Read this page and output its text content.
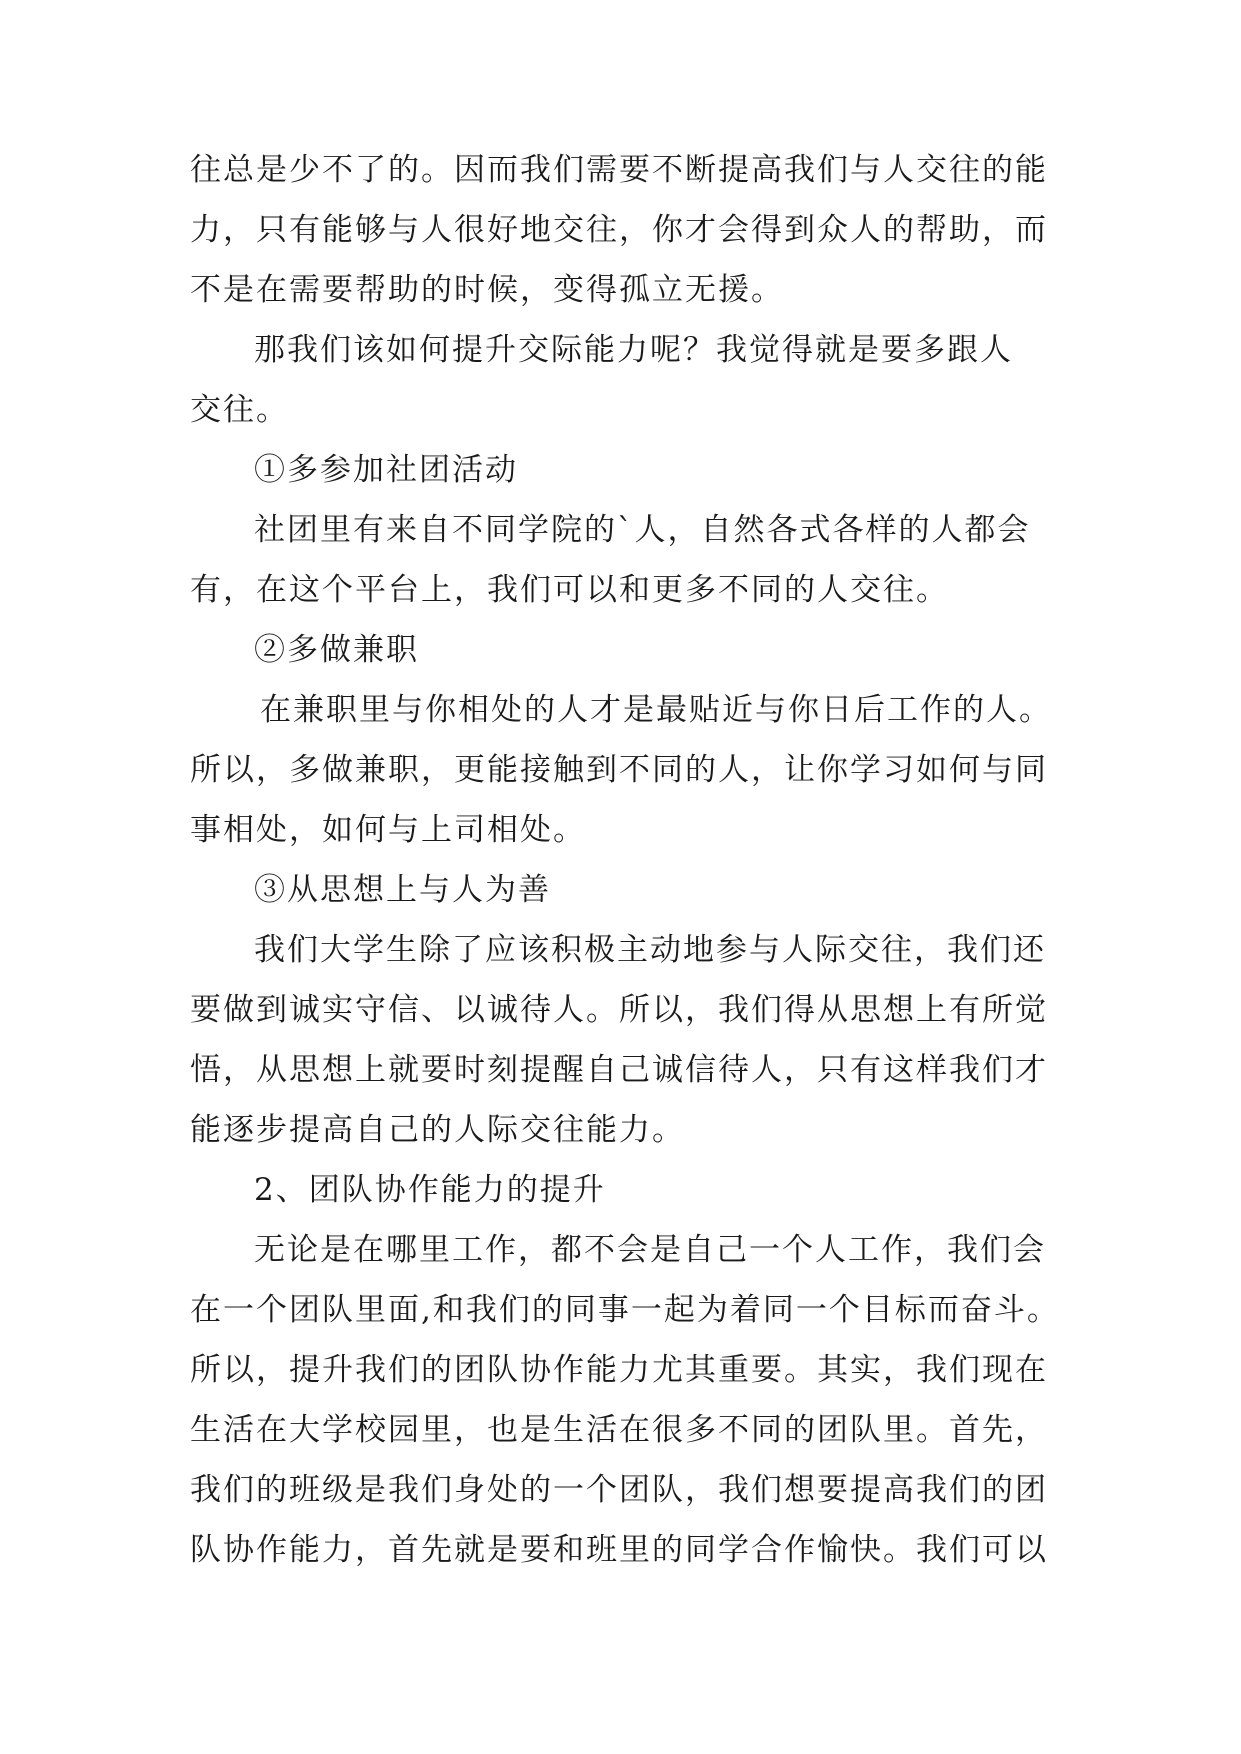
往总是少不了的。因而我们需要不断提高我们与人交往的能
力，只有能够与人很好地交往，你才会得到众人的帮助，而
不是在需要帮助的时候，变得孤立无援。
那我们该如何提升交际能力呢？我觉得就是要多跟人
交往。
①多参加社团活动
社团里有来自不同学院的`人，自然各式各样的人都会
有，在这个平台上，我们可以和更多不同的人交往。
②多做兼职
在兼职里与你相处的人才是最贴近与你日后工作的人。
所以，多做兼职，更能接触到不同的人，让你学习如何与同
事相处，如何与上司相处。
③从思想上与人为善
我们大学生除了应该积极主动地参与人际交往，我们还
要做到诚实守信、以诚待人。所以，我们得从思想上有所觉
悟，从思想上就要时刻提醒自己诚信待人，只有这样我们才
能逐步提高自己的人际交往能力。
2、团队协作能力的提升
无论是在哪里工作，都不会是自己一个人工作，我们会
在一个团队里面,和我们的同事一起为着同一个目标而奋斗。
所以，提升我们的团队协作能力尤其重要。其实，我们现在
生活在大学校园里，也是生活在很多不同的团队里。首先，
我们的班级是我们身处的一个团队，我们想要提高我们的团
队协作能力，首先就是要和班里的同学合作愉快。我们可以
